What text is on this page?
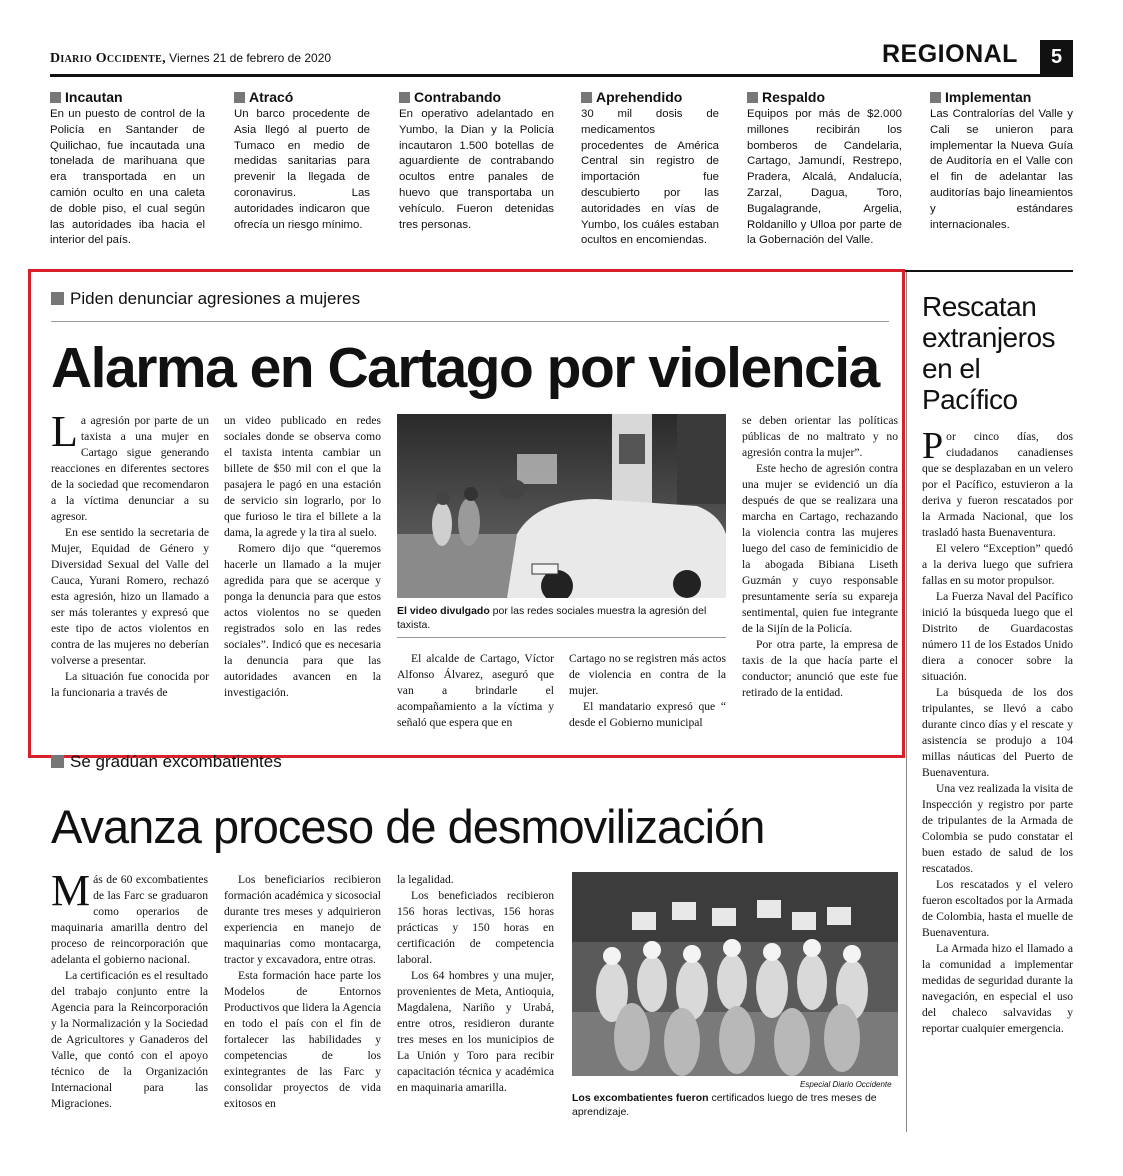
Diario Occidente, Viernes 21 de febrero de 2020	REGIONAL	5
Incautan

En un puesto de control de la Policía en Santander de Quilichao, fue incautada una tonelada de marihuana que era transportada en un camión oculto en una caleta de doble piso, el cual según las autoridades iba hacia el interior del país.

Atracó

Un barco procedente de Asia llegó al puerto de Tumaco en medio de medidas sanitarias para prevenir la llegada de coronavirus. Las autoridades indicaron que ofrecía un riesgo mínimo.

Contrabando

En operativo adelantado en Yumbo, la Dian y la Policía incautaron 1.500 botellas de aguardiente de contrabando ocultos entre panales de huevo que transportaba un vehículo. Fueron detenidas tres personas.

Aprehendido

30 mil dosis de medicamentos procedentes de América Central sin registro de importación fue descubierto por las autoridades en vías de Yumbo, los cuáles estaban ocultos en encomiendas.

Respaldo

Equipos por más de $2.000 millones recibirán los bomberos de Candelaria, Cartago, Jamundí, Restrepo, Pradera, Alcalá, Andalucía, Zarzal, Dagua, Toro, Bugalagrande, Argelia, Roldanillo y Ulloa por parte de la Gobernación del Valle.

Implementan

Las Contralorías del Valle y Cali se unieron para implementar la Nueva Guía de Auditoría en el Valle con el fin de adelantar las auditorías bajo lineamientos y estándares internacionales.

Piden denunciar agresiones a mujeres
Alarma en Cartago por violencia

La agresión por parte de un taxista a una mujer en Cartago sigue generando reacciones en diferentes sectores de la sociedad que recomendaron a la víctima denunciar a su agresor.

En ese sentido la secretaria de Mujer, Equidad de Género y Diversidad Sexual del Valle del Cauca, Yurani Romero, rechazó esta agresión, hizo un llamado a ser más tolerantes y expresó que este tipo de actos violentos en contra de las mujeres no deberían volverse a presentar.

La situación fue conocida por la funcionaria a través de

un video publicado en redes sociales donde se observa como el taxista intenta cambiar un billete de $50 mil con el que la pasajera le pagó en una estación de servicio sin lograrlo, por lo que furioso le tira el billete a la dama, la agrede y la tira al suelo.

Romero dijo que “queremos hacerle un llamado a la mujer agredida para que se acerque y ponga la denuncia para que estos actos violentos no se queden registrados solo en las redes sociales”. Indicó que es necesaria la denuncia para que las autoridades avancen en la investigación.

El video divulgado por las redes sociales muestra la agresión del taxista.

El alcalde de Cartago, Víctor Alfonso Álvarez, aseguró que van a brindarle el acompañamiento a la víctima y señaló que espera que en

Cartago no se registren más actos de violencia en contra de la mujer.

El mandatario expresó que “ desde el Gobierno municipal

se deben orientar las políticas públicas de no maltrato y no agresión contra la mujer”.

Este hecho de agresión contra una mujer se evidenció un día después de que se realizara una marcha en Cartago, rechazando la violencia contra las mujeres luego del caso de feminicidio de la abogada Bibiana Liseth Guzmán y cuyo responsable presuntamente sería su expareja sentimental, quien fue integrante de la Sijín de la Policía.

Por otra parte, la empresa de taxis de la que hacía parte el conductor; anunció que este fue retirado de la entidad.

Se gradúan excombatientes
Avanza proceso de desmovilización

Más de 60 excombatientes de las Farc se graduaron como operarios de maquinaria amarilla dentro del proceso de reincorporación que adelanta el gobierno nacional.

La certificación es el resultado del trabajo conjunto entre la Agencia para la Reincorporación y la Normalización y la Sociedad de Agricultores y Ganaderos del Valle, que contó con el apoyo técnico de la Organización Internacional para las Migraciones.

Los beneficiarios recibieron formación académica y sicosocial durante tres meses y adquirieron experiencia en manejo de maquinarias como montacarga, tractor y excavadora, entre otras.

Esta formación hace parte los Modelos de Entornos Productivos que lidera la Agencia en todo el país con el fin de fortalecer las habilidades y competencias de los exintegrantes de las Farc y consolidar proyectos de vida exitosos en

la legalidad.

Los beneficiados recibieron 156 horas lectivas, 156 horas prácticas y 150 horas en certificación de competencia laboral.

Los 64 hombres y una mujer, provenientes de Meta, Antioquia, Magdalena, Nariño y Urabá, entre otros, residieron durante tres meses en los municipios de La Unión y Toro para recibir capacitación técnica y académica en maquinaria amarilla.	Especial Diario Occidente
Los excombatientes fueron certificados luego de tres meses de aprendizaje.
Rescatan extranjeros en el Pacífico

Por cinco días, dos ciudadanos canadienses que se desplazaban en un velero por el Pacífico, estuvieron a la deriva y fueron rescatados por la Armada Nacional, que los trasladó hasta Buenaventura.

El velero “Exception” quedó a la deriva luego que sufriera fallas en su motor propulsor.

La Fuerza Naval del Pacífico inició la búsqueda luego que el Distrito de Guardacostas número 11 de los Estados Unido diera a conocer sobre la situación.

La búsqueda de los dos tripulantes, se llevó a cabo durante cinco días y el rescate y asistencia se produjo a 104 millas náuticas del Puerto de Buenaventura.

Una vez realizada la visita de Inspección y registro por parte de tripulantes de la Armada de Colombia se pudo constatar el buen estado de salud de los rescatados.

Los rescatados y el velero fueron escoltados por la Armada de Colombia, hasta el muelle de Buenaventura.

La Armada hizo el llamado a la comunidad a implementar medidas de seguridad durante la navegación, en especial el uso del chaleco salvavidas y reportar cualquier emergencia.
